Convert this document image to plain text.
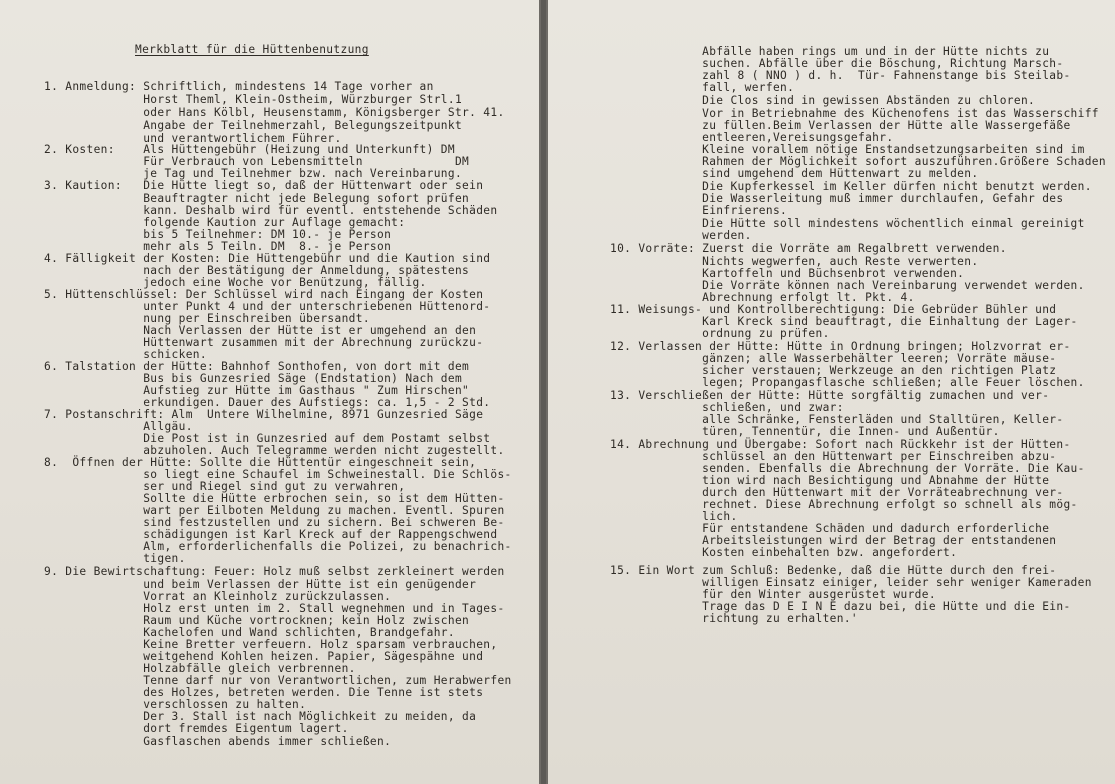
Merkblatt für die Hüttenbenutzung
1. Anmeldung: Schriftlich, mindestens 14 Tage vorher an
Horst Theml, Klein-Ostheim, Würzburger Strl.1
oder Hans Kölbl, Heusenstamm, Königsberger Str. 41.
Angabe der Teilnehmerzahl, Belegungszeitpunkt
und verantwortlichem Führer.
2. Kosten:    Als Hüttengebühr (Heizung und Unterkunft) DM
Für Verbrauch von Lebensmitteln             DM
je Tag und Teilnehmer bzw. nach Vereinbarung.
3. Kaution:   Die Hütte liegt so, daß der Hüttenwart oder sein
Beauftragter nicht jede Belegung sofort prüfen
kann. Deshalb wird für eventl. entstehende Schäden
folgende Kaution zur Auflage gemacht:
bis 5 Teilnehmer: DM 10.- je Person
mehr als 5 Teiln. DM  8.- je Person
4. Fälligkeit der Kosten: Die Hüttengebühr und die Kaution sind
nach der Bestätigung der Anmeldung, spätestens
jedoch eine Woche vor Benützung, fällig.
5. Hüttenschlüssel: Der Schlüssel wird nach Eingang der Kosten
unter Punkt 4 und der unterschriebenen Hüttenord-
nung per Einschreiben übersandt.
Nach Verlassen der Hütte ist er umgehend an den
Hüttenwart zusammen mit der Abrechnung zurückzu-
schicken.
6. Talstation der Hütte: Bahnhof Sonthofen, von dort mit dem
Bus bis Gunzesried Säge (Endstation) Nach dem
Aufstieg zur Hütte im Gasthaus " Zum Hirschen"
erkundigen. Dauer des Aufstiegs: ca. 1,5 - 2 Std.
7. Postanschrift: Alm  Untere Wilhelmine, 8971 Gunzesried Säge
Allgäu.
Die Post ist in Gunzesried auf dem Postamt selbst
abzuholen. Auch Telegramme werden nicht zugestellt.
8.  Öffnen der Hütte: Sollte die Hüttentür eingeschneit sein,
so liegt eine Schaufel im Schweinestall. Die Schlös-
ser und Riegel sind gut zu verwahren,
Sollte die Hütte erbrochen sein, so ist dem Hütten-
wart per Eilboten Meldung zu machen. Eventl. Spuren
sind festzustellen und zu sichern. Bei schweren Be-
schädigungen ist Karl Kreck auf der Rappengschwend
Alm, erforderlichenfalls die Polizei, zu benachrich-
tigen.
9. Die Bewirtschaftung: Feuer: Holz muß selbst zerkleinert werden
und beim Verlassen der Hütte ist ein genügender
Vorrat an Kleinholz zurückzulassen.
Holz erst unten im 2. Stall wegnehmen und in Tages-
Raum und Küche vortrocknen; kein Holz zwischen
Kachelofen und Wand schlichten, Brandgefahr.
Keine Bretter verfeuern. Holz sparsam verbrauchen,
weitgehend Kohlen heizen. Papier, Sägespähne und
Holzabfälle gleich verbrennen.
Tenne darf nur von Verantwortlichen, zum Herabwerfen
des Holzes, betreten werden. Die Tenne ist stets
verschlossen zu halten.
Der 3. Stall ist nach Möglichkeit zu meiden, da
dort fremdes Eigentum lagert.
Gasflaschen abends immer schließen.
Abfälle haben rings um und in der Hütte nichts zu
suchen. Abfälle über die Böschung, Richtung Marsch-
zahl 8 ( NNO ) d. h.  Tür- Fahnenstange bis Steilab-
fall, werfen.
Die Clos sind in gewissen Abständen zu chloren.
Vor in Betriebnahme des Küchenofens ist das Wasserschiff
zu füllen.Beim Verlassen der Hütte alle Wassergefäße
entleeren,Vereisungsgefahr.
Kleine vorallem nötige Enstandsetzungsarbeiten sind im
Rahmen der Möglichkeit sofort auszuführen.Größere Schaden
sind umgehend dem Hüttenwart zu melden.
Die Kupferkessel im Keller dürfen nicht benutzt werden.
Die Wasserleitung muß immer durchlaufen, Gefahr des
Einfrierens.
Die Hütte soll mindestens wöchentlich einmal gereinigt
werden.
10. Vorräte: Zuerst die Vorräte am Regalbrett verwenden.
Nichts wegwerfen, auch Reste verwerten.
Kartoffeln und Büchsenbrot verwenden.
Die Vorräte können nach Vereinbarung verwendet werden.
Abrechnung erfolgt lt. Pkt. 4.
11. Weisungs- und Kontrollberechtigung: Die Gebrüder Bühler und
Karl Kreck sind beauftragt, die Einhaltung der Lager-
ordnung zu prüfen.
12. Verlassen der Hütte: Hütte in Ordnung bringen; Holzvorrat er-
gänzen; alle Wasserbehälter leeren; Vorräte mäuse-
sicher verstauen; Werkzeuge an den richtigen Platz
legen; Propangasflasche schließen; alle Feuer löschen.
13. Verschließen der Hütte: Hütte sorgfältig zumachen und ver-
schließen, und zwar:
alle Schränke, Fensterläden und Stalltüren, Keller-
türen, Tennentür, die Innen- und Außentür.
14. Abrechnung und Übergabe: Sofort nach Rückkehr ist der Hütten-
schlüssel an den Hüttenwart per Einschreiben abzu-
senden. Ebenfalls die Abrechnung der Vorräte. Die Kau-
tion wird nach Besichtigung und Abnahme der Hütte
durch den Hüttenwart mit der Vorräteabrechnung ver-
rechnet. Diese Abrechnung erfolgt so schnell als mög-
lich.
Für entstandene Schäden und dadurch erforderliche
Arbeitsleistungen wird der Betrag der entstandenen
Kosten einbehalten bzw. angefordert.
15. Ein Wort zum Schluß: Bedenke, daß die Hütte durch den frei-
willigen Einsatz einiger, leider sehr weniger Kameraden
für den Winter ausgerüstet wurde.
Trage das D E I N E dazu bei, die Hütte und die Ein-
richtung zu erhalten.'
